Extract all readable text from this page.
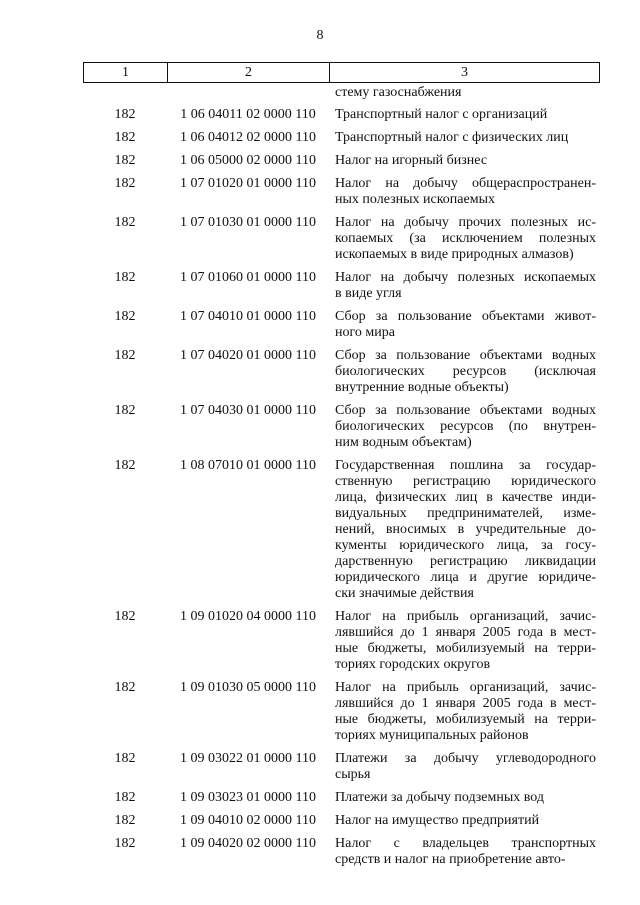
8
1	2	3
стему газоснабжения
182	1 06 04011 02 0000 110	Транспортный налог с организаций
182	1 06 04012 02 0000 110	Транспортный налог с физических лиц
182	1 06 05000 02 0000 110	Налог на игорный бизнес
182	1 07 01020 01 0000 110	Налог на добычу общераспространен-
ных полезных ископаемых
182	1 07 01030 01 0000 110	Налог на добычу прочих полезных ис-
копаемых (за исключением полезных
ископаемых в виде природных алмазов)
182	1 07 01060 01 0000 110	Налог на добычу полезных ископаемых
в виде угля
182	1 07 04010 01 0000 110	Сбор за пользование объектами живот-
ного мира
182	1 07 04020 01 0000 110	Сбор за пользование объектами водных
биологических ресурсов (исключая
внутренние водные объекты)
182	1 07 04030 01 0000 110	Сбор за пользование объектами водных
биологических ресурсов (по внутрен-
ним водным объектам)
182	1 08 07010 01 0000 110	Государственная пошлина за государ-
ственную регистрацию юридического
лица, физических лиц в качестве инди-
видуальных предпринимателей, изме-
нений, вносимых в учредительные до-
кументы юридического лица, за госу-
дарственную регистрацию ликвидации
юридического лица и другие юридиче-
ски значимые действия
182	1 09 01020 04 0000 110	Налог на прибыль организаций, зачис-
лявшийся до 1 января 2005 года в мест-
ные бюджеты, мобилизуемый на терри-
ториях городских округов
182	1 09 01030 05 0000 110	Налог на прибыль организаций, зачис-
лявшийся до 1 января 2005 года в мест-
ные бюджеты, мобилизуемый на терри-
ториях муниципальных районов
182	1 09 03022 01 0000 110	Платежи за добычу углеводородного
сырья
182	1 09 03023 01 0000 110	Платежи за добычу подземных вод
182	1 09 04010 02 0000 110	Налог на имущество предприятий
182	1 09 04020 02 0000 110	Налог с владельцев транспортных
средств и налог на приобретение авто-
